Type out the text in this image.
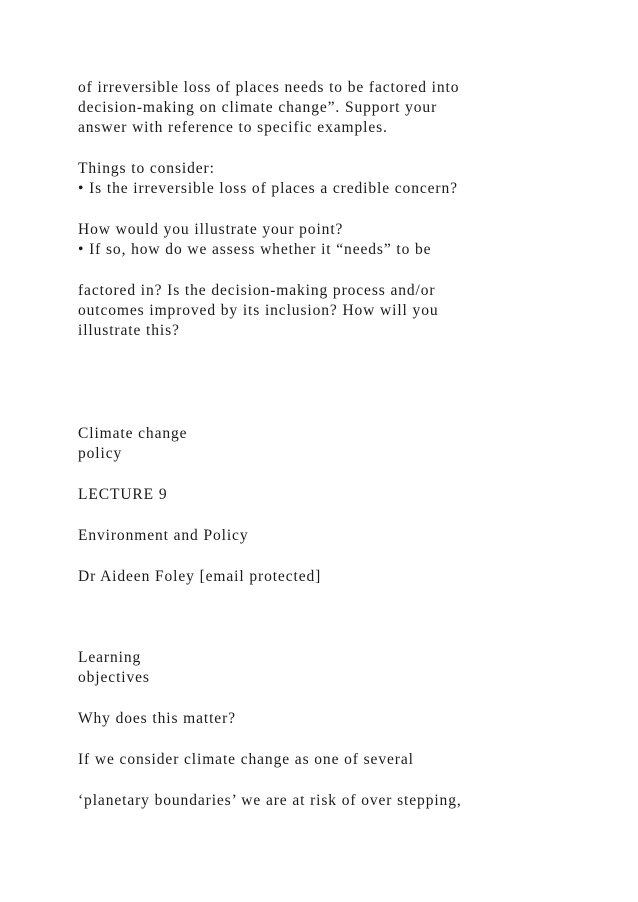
of irreversible loss of places needs to be factored into
decision-making on climate change”. Support your
answer with reference to specific examples.
Things to consider:
• Is the irreversible loss of places a credible concern?
How would you illustrate your point?
• If so, how do we assess whether it “needs” to be
factored in? Is the decision-making process and/or
outcomes improved by its inclusion? How will you
illustrate this?
Climate change
policy
LECTURE 9
Environment and Policy
Dr Aideen Foley [email protected]
Learning
objectives
Why does this matter?
If we consider climate change as one of several
‘planetary boundaries’ we are at risk of over stepping,
